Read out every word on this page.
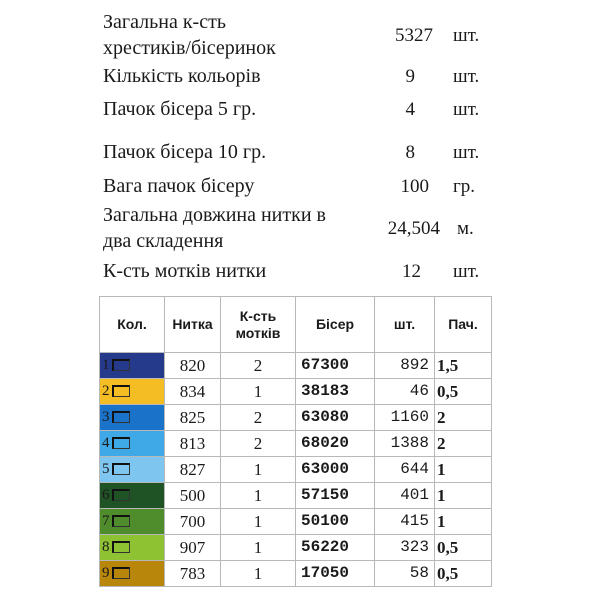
Загальна к-сть
хрестиків/бісеринок
5327 шт.
Кількість кольорів	9 шт.
Пачок бісера 5 гр.	4 шт.
Пачок бісера 10 гр.	8 шт.
Вага пачок бісеру	100 гр.
Загальна довжина нитки в
два складення
24,504 м.
К-сть мотків нитки	12 шт.
Кол.	Нитка	К-сть мотків	Бісер	шт.	Пач.

1	820	2	67300	892	1,5

2	834	1	38183	46	0,5

3	825	2	63080	1160	2

4	813	2	68020	1388	2

5	827	1	63000	644	1

6	500	1	57150	401	1

7	700	1	50100	415	1

8	907	1	56220	323	0,5

9	783	1	17050	58	0,5
